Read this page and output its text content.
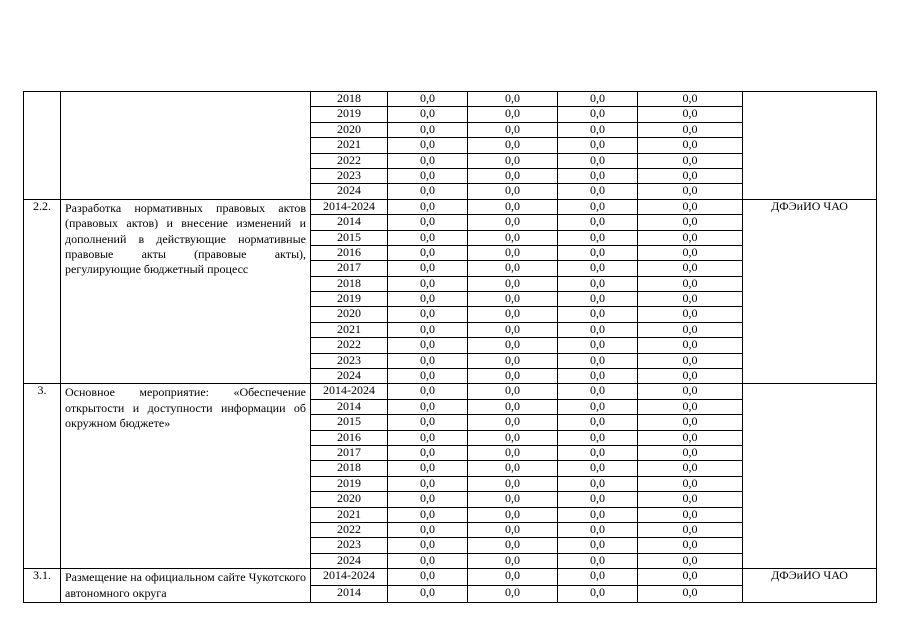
		2018	0,0	0,0	0,0	0,0	
		2019	0,0	0,0	0,0	0,0	
		2020	0,0	0,0	0,0	0,0	
		2021	0,0	0,0	0,0	0,0	
		2022	0,0	0,0	0,0	0,0	
		2023	0,0	0,0	0,0	0,0	
		2024	0,0	0,0	0,0	0,0	
2.2.	Разработка нормативных правовых актов (правовых актов) и внесение изменений и дополнений в действующие нормативные правовые акты (правовые акты), регулирующие бюджетный процесс	2014-2024	0,0	0,0	0,0	0,0	ДФЭиИО ЧАО
		2014	0,0	0,0	0,0	0,0	
		2015	0,0	0,0	0,0	0,0	
		2016	0,0	0,0	0,0	0,0	
		2017	0,0	0,0	0,0	0,0	
		2018	0,0	0,0	0,0	0,0	
		2019	0,0	0,0	0,0	0,0	
		2020	0,0	0,0	0,0	0,0	
		2021	0,0	0,0	0,0	0,0	
		2022	0,0	0,0	0,0	0,0	
		2023	0,0	0,0	0,0	0,0	
		2024	0,0	0,0	0,0	0,0	
3.	Основное мероприятие: «Обеспечение открытости и доступности информации об окружном бюджете»	2014-2024	0,0	0,0	0,0	0,0	
		2014	0,0	0,0	0,0	0,0	
		2015	0,0	0,0	0,0	0,0	
		2016	0,0	0,0	0,0	0,0	
		2017	0,0	0,0	0,0	0,0	
		2018	0,0	0,0	0,0	0,0	
		2019	0,0	0,0	0,0	0,0	
		2020	0,0	0,0	0,0	0,0	
		2021	0,0	0,0	0,0	0,0	
		2022	0,0	0,0	0,0	0,0	
		2023	0,0	0,0	0,0	0,0	
		2024	0,0	0,0	0,0	0,0	
3.1.	Размещение на официальном сайте Чукотского автономного округа	2014-2024	0,0	0,0	0,0	0,0	ДФЭиИО ЧАО
		2014	0,0	0,0	0,0	0,0	
